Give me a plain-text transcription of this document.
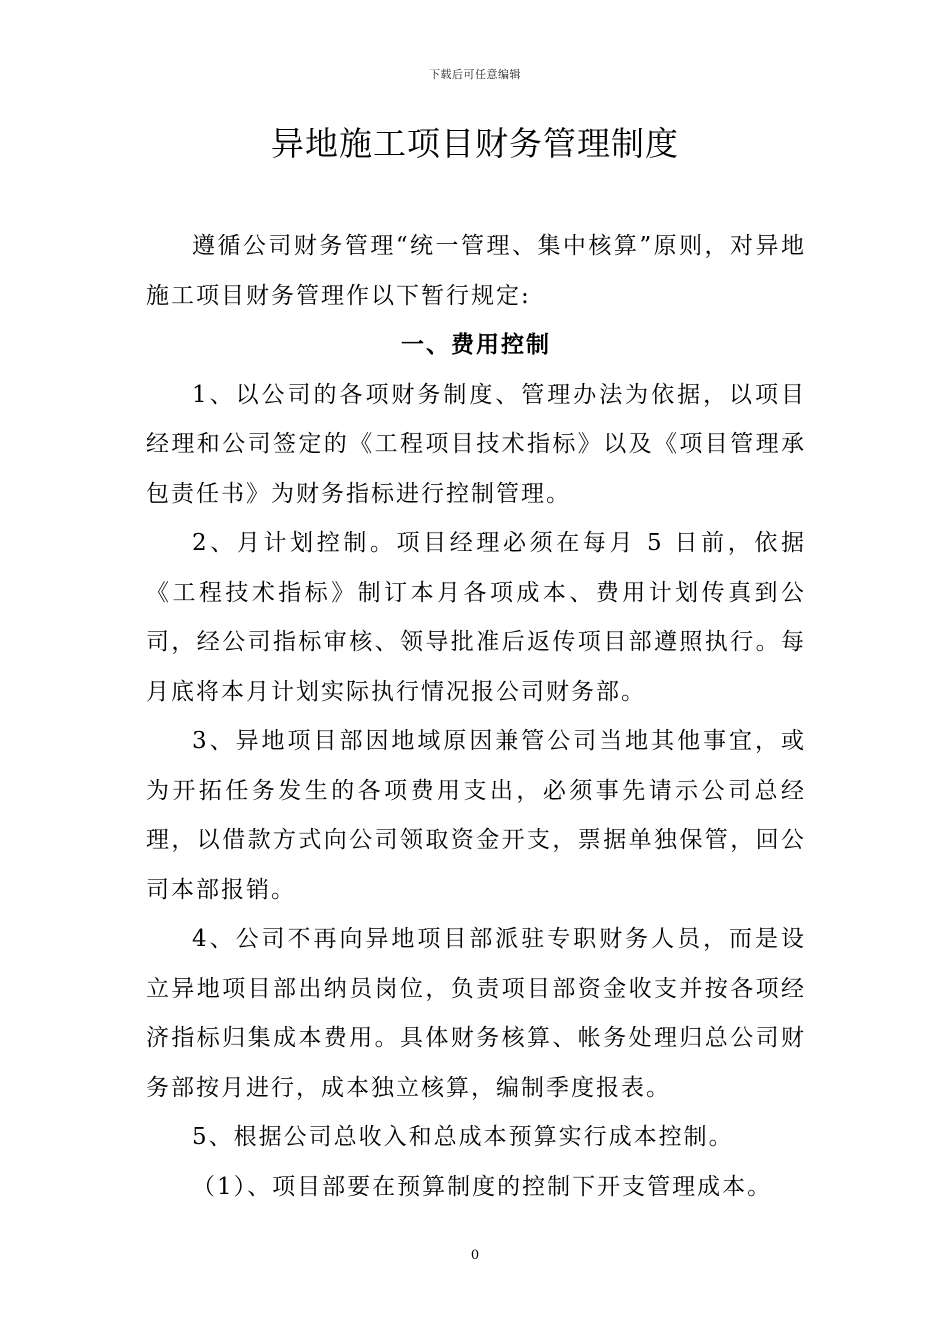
下载后可任意编辑
异地施工项目财务管理制度

遵循公司财务管理“统一管理、集中核算”原则，对异地施工项目财务管理作以下暂行规定:

一、费用控制

1、以公司的各项财务制度、管理办法为依据，以项目经理和公司签定的《工程项目技术指标》以及《项目管理承包责任书》为财务指标进行控制管理。

2、月计划控制。项目经理必须在每月 5 日前，依据《工程技术指标》制订本月各项成本、费用计划传真到公司，经公司指标审核、领导批准后返传项目部遵照执行。每月底将本月计划实际执行情况报公司财务部。

3、异地项目部因地域原因兼管公司当地其他事宜，或为开拓任务发生的各项费用支出，必须事先请示公司总经理，以借款方式向公司领取资金开支，票据单独保管，回公司本部报销。

4、公司不再向异地项目部派驻专职财务人员，而是设立异地项目部出纳员岗位，负责项目部资金收支并按各项经济指标归集成本费用。具体财务核算、帐务处理归总公司财务部按月进行，成本独立核算，编制季度报表。

5、根据公司总收入和总成本预算实行成本控制。

（1）、项目部要在预算制度的控制下开支管理成本。

0
